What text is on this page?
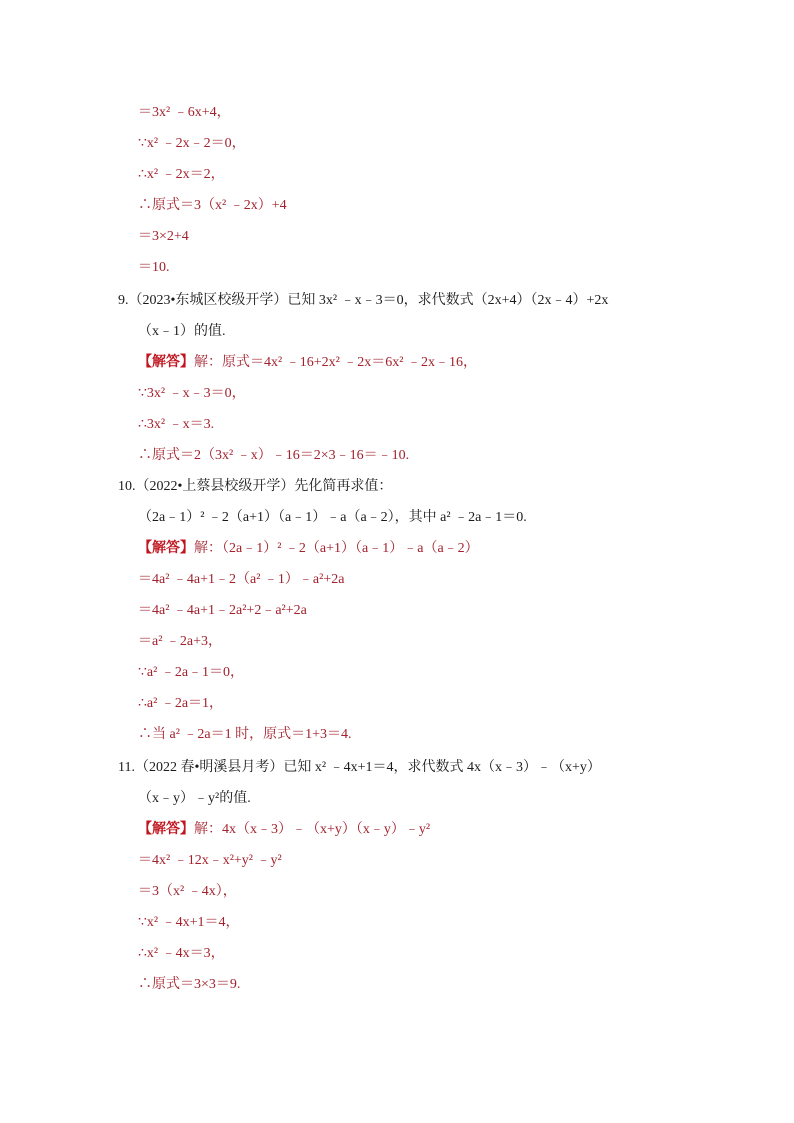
＝3x² ﹣6x+4，
∵x² ﹣2x﹣2＝0，
∴x² ﹣2x＝2，
∴原式＝3（x² ﹣2x）+4
＝3×2+4
＝10.
9.（2023•东城区校级开学）已知 3x² ﹣x﹣3＝0，求代数式（2x+4）（2x﹣4）+2x
（x﹣1）的值.
【解答】解：原式＝4x² ﹣16+2x² ﹣2x＝6x² ﹣2x﹣16，
∵3x² ﹣x﹣3＝0，
∴3x² ﹣x＝3.
∴原式＝2（3x² ﹣x）﹣16＝2×3﹣16＝﹣10.
10.（2022•上蔡县校级开学）先化简再求值：
（2a﹣1）² ﹣2（a+1）（a﹣1）﹣a（a﹣2），其中 a² ﹣2a﹣1＝0.
【解答】解：（2a﹣1）² ﹣2（a+1）（a﹣1）﹣a（a﹣2）
＝4a² ﹣4a+1﹣2（a² ﹣1）﹣a²+2a
＝4a² ﹣4a+1﹣2a²+2﹣a²+2a
＝a² ﹣2a+3，
∵a² ﹣2a﹣1＝0，
∴a² ﹣2a＝1，
∴当 a² ﹣2a＝1 时，原式＝1+3＝4.
11.（2022 春•明溪县月考）已知 x² ﹣4x+1＝4，求代数式 4x（x﹣3）﹣（x+y）
（x﹣y）﹣y²的值.
【解答】解：4x（x﹣3）﹣（x+y）（x﹣y）﹣y²
＝4x² ﹣12x﹣x²+y² ﹣y²
＝3（x² ﹣4x），
∵x² ﹣4x+1＝4，
∴x² ﹣4x＝3，
∴原式＝3×3＝9.
